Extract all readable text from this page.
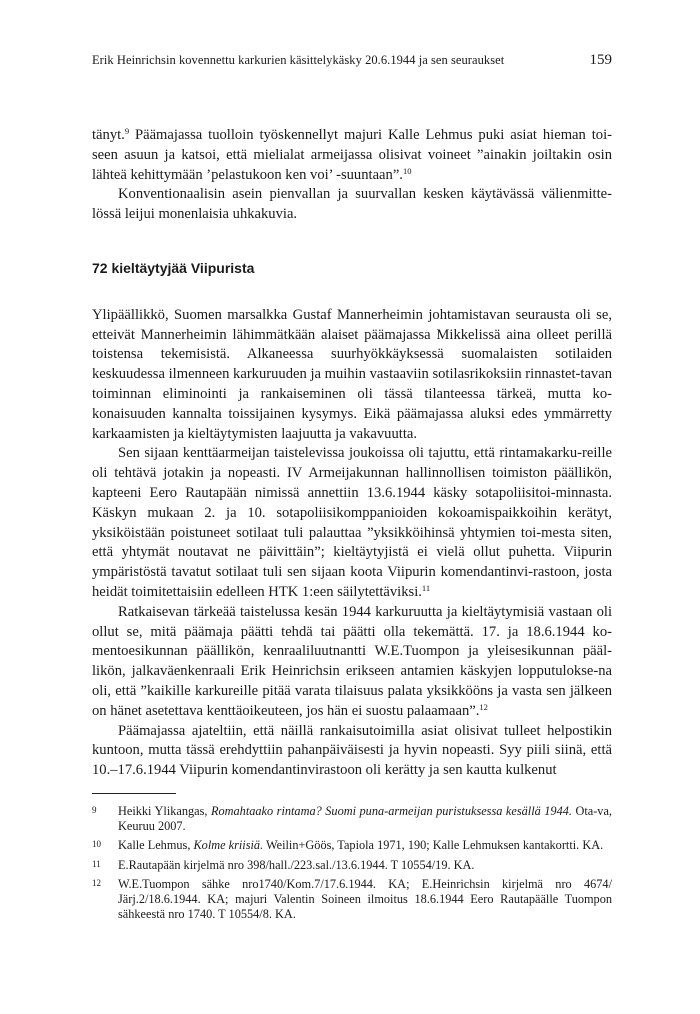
Erik Heinrichsin kovennettu karkurien käsittelykäsky 20.6.1944 ja sen seuraukset	159

tänyt.$^9$ Päämajassa tuolloin työskennellyt majuri Kalle Lehmus puki asiat hieman toi-seen asuun ja katsoi, että mielialat armeijassa olisivat voineet ”ainakin joiltakin osin lähteä kehittymään ’pelastukoon ken voi’ -suuntaan”.$^{10}$

Konventionaalisin asein pienvallan ja suurvallan kesken käytävässä välienmitte-lössä leijui monenlaisia uhkakuvia.

72 kieltäytyjää Viipurista

Ylipäällikkö, Suomen marsalkka Gustaf Mannerheimin johtamistavan seurausta oli se, etteivät Mannerheimin lähimmätkään alaiset päämajassa Mikkelissä aina olleet perillä toistensa tekemisistä. Alkaneessa suurhyökkäyksessä suomalaisten sotilaiden keskuudessa ilmenneen karkuruuden ja muihin vastaaviin sotilasrikoksiin rinnastet-tavan toiminnan eliminointi ja rankaiseminen oli tässä tilanteessa tärkeä, mutta ko-konaisuuden kannalta toissijainen kysymys. Eikä päämajassa aluksi edes ymmärretty karkaamisten ja kieltäytymisten laajuutta ja vakavuutta.

Sen sijaan kenttäarmeijan taistelevissa joukoissa oli tajuttu, että rintamakarku-reille oli tehtävä jotakin ja nopeasti. IV Armeijakunnan hallinnollisen toimiston päällikön, kapteeni Eero Rautapään nimissä annettiin 13.6.1944 käsky sotapoliisitoi-minnasta. Käskyn mukaan 2. ja 10. sotapoliisikomppanioiden kokoamispaikkoihin kerätyt, yksiköistään poistuneet sotilaat tuli palauttaa ”yksikköihinsä yhtymien toi-mesta siten, että yhtymät noutavat ne päivittäin”; kieltäytyjistä ei vielä ollut puhetta. Viipurin ympäristöstä tavatut sotilaat tuli sen sijaan koota Viipurin komendantinvi-rastoon, josta heidät toimitettaisiin edelleen HTK 1:een säilytettäviksi.$^{11}$

Ratkaisevan tärkeää taistelussa kesän 1944 karkuruutta ja kieltäytymisiä vastaan oli ollut se, mitä päämaja päätti tehdä tai päätti olla tekemättä. 17. ja 18.6.1944 ko-mentoesikunnan päällikön, kenraaliluutnantti W.E.Tuompon ja yleisesikunnan pääl-likön, jalkaväenkenraali Erik Heinrichsin erikseen antamien käskyjen lopputulokse-na oli, että ”kaikille karkureille pitää varata tilaisuus palata yksikkööns ja vasta sen jälkeen on hänet asetettava kenttäoikeuteen, jos hän ei suostu palaamaan”.$^{12}$

Päämajassa ajateltiin, että näillä rankaisutoimilla asiat olisivat tulleet helpostikin kuntoon, mutta tässä erehdyttiin pahanpäiväisesti ja hyvin nopeasti. Syy piili siinä, että 10.–17.6.1944 Viipurin komendantinvirastoon oli kerätty ja sen kautta kulkenut

9 Heikki Ylikangas, Romahtaako rintama? Suomi puna-armeijan puristuksessa kesällä 1944. Ota-va, Keuruu 2007.
10 Kalle Lehmus, Kolme kriisiä. Weilin+Göös, Tapiola 1971, 190; Kalle Lehmuksen kantakortti. KA.
11 E.Rautapään kirjelmä nro 398/hall./223.sal./13.6.1944. T 10554/19. KA.
12 W.E.Tuompon sähke nro1740/Kom.7/17.6.1944. KA; E.Heinrichsin kirjelmä nro 4674/ Järj.2/18.6.1944. KA; majuri Valentin Soineen ilmoitus 18.6.1944 Eero Rautapäälle Tuompon sähkeestä nro 1740. T 10554/8. KA.
